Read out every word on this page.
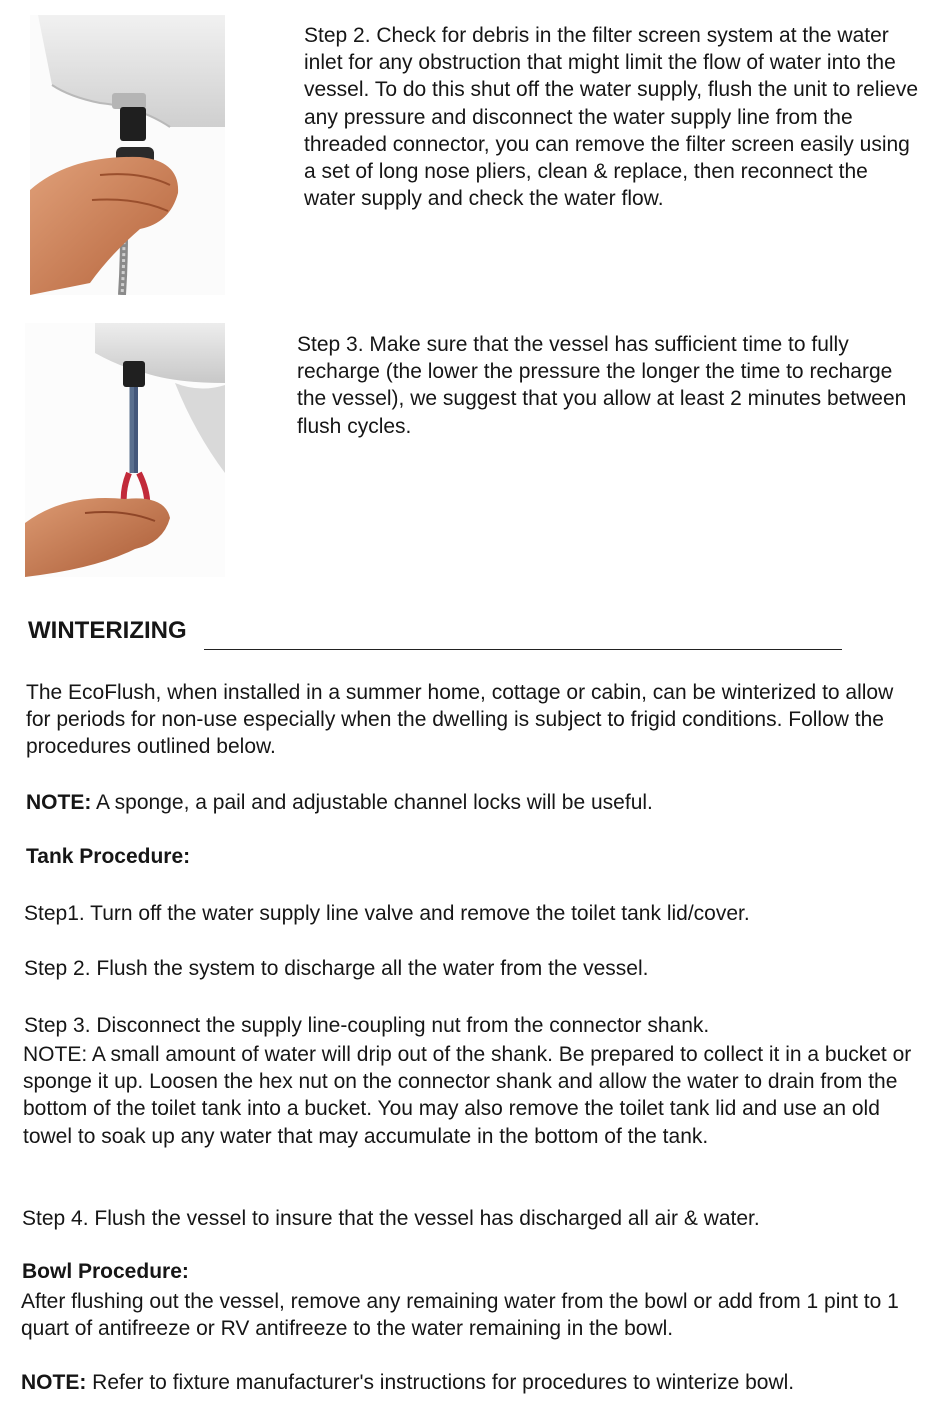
Step 2. Check for debris in the filter screen system at the water inlet for any obstruction that might limit the flow of water into the vessel. To do this shut off the water supply, flush the unit to relieve any pressure and disconnect the water supply line from the threaded connector, you can remove the filter screen easily using a set of long nose pliers, clean & replace, then reconnect the water supply and check the water flow.
Step 3. Make sure that the vessel has sufficient time to fully recharge (the lower the pressure the longer the time to recharge the vessel), we suggest that you allow at least 2 minutes between flush cycles.
WINTERIZING
The EcoFlush, when installed in a summer home, cottage or cabin, can be winterized to allow for periods for non-use especially when the dwelling is subject to frigid conditions. Follow the procedures outlined below.
NOTE: A sponge, a pail and adjustable channel locks will be useful.
Tank Procedure:
Step1. Turn off the water supply line valve and remove the toilet tank lid/cover.
Step 2. Flush the system to discharge all the water from the vessel.
Step 3. Disconnect the supply line-coupling nut from the connector shank.
NOTE: A small amount of water will drip out of the shank. Be prepared to collect it in a bucket or sponge it up. Loosen the hex nut on the connector shank and allow the water to drain from the bottom of the toilet tank into a bucket. You may also remove the toilet tank lid and use an old towel to soak up any water that may accumulate in the bottom of the tank.
Step 4. Flush the vessel to insure that the vessel has discharged all air & water.
Bowl Procedure:
After flushing out the vessel, remove any remaining water from the bowl or add from 1 pint to 1 quart of antifreeze or RV antifreeze to the water remaining in the bowl.
NOTE: Refer to fixture manufacturer's instructions for procedures to winterize bowl.
